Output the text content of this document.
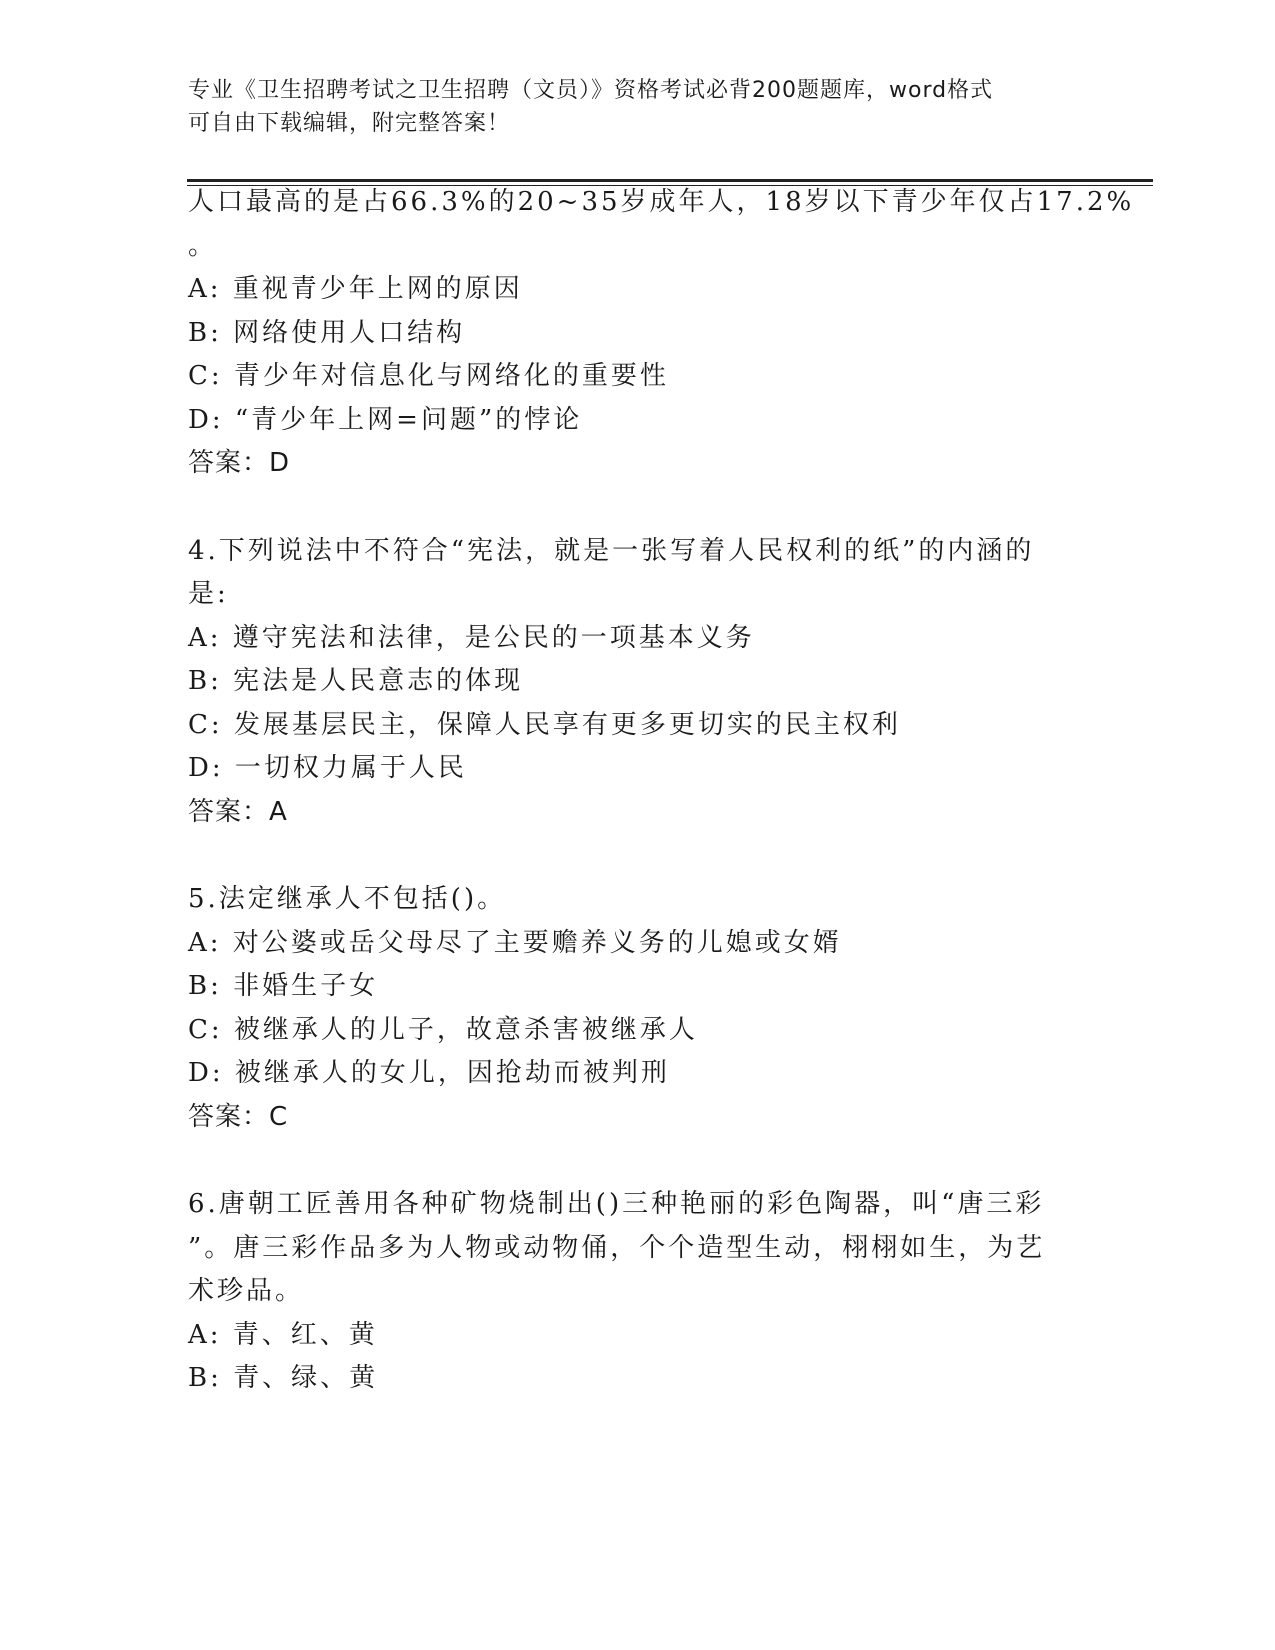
专业《卫生招聘考试之卫生招聘（文员）》资格考试必背200题题库，word格式
可自由下载编辑，附完整答案！
人口最高的是占66.3%的20~35岁成年人，18岁以下青少年仅占17.2%
。
A: 重视青少年上网的原因
B: 网络使用人口结构
C: 青少年对信息化与网络化的重要性
D: “青少年上网=问题”的悖论
答案：D
4.下列说法中不符合“宪法，就是一张写着人民权利的纸”的内涵的
是:
A: 遵守宪法和法律，是公民的一项基本义务
B: 宪法是人民意志的体现
C: 发展基层民主，保障人民享有更多更切实的民主权利
D: 一切权力属于人民
答案：A
5.法定继承人不包括()。
A: 对公婆或岳父母尽了主要赡养义务的儿媳或女婿
B: 非婚生子女
C: 被继承人的儿子，故意杀害被继承人
D: 被继承人的女儿，因抢劫而被判刑
答案：C
6.唐朝工匠善用各种矿物烧制出()三种艳丽的彩色陶器，叫“唐三彩
”。唐三彩作品多为人物或动物俑，个个造型生动，栩栩如生，为艺
术珍品。
A: 青、红、黄
B: 青、绿、黄
